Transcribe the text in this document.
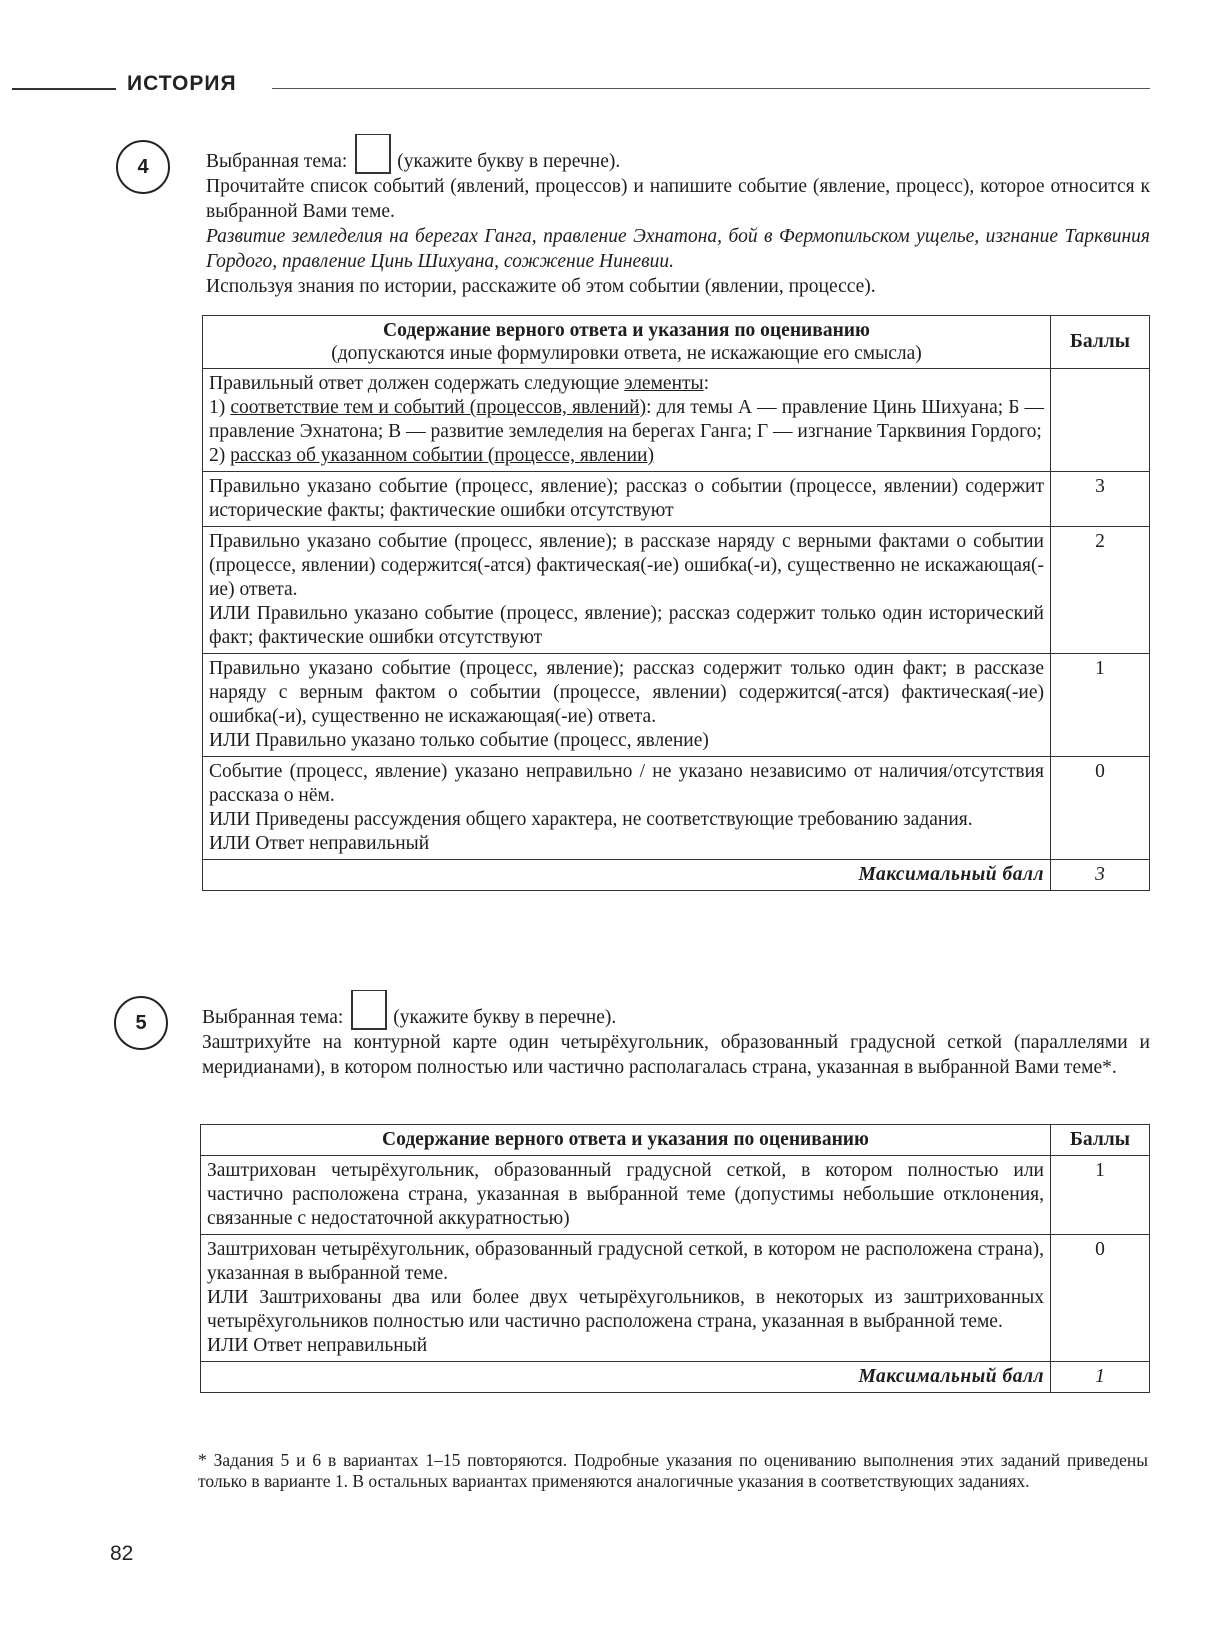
ИСТОРИЯ
4	Выбранная тема:	(укажите букву в перечне).

Прочитайте список событий (явлений, процессов) и напишите событие (явление, процесс), которое относится к выбранной Вами теме.

Развитие земледелия на берегах Ганга, правление Эхнатона, бой в Фермопильском ущелье, изгнание Тарквиния Гордого, правление Цинь Шихуана, сожжение Ниневии.

Используя знания по истории, расскажите об этом событии (явлении, процессе).

Содержание верного ответа и указания по оцениванию
(допускаются иные формулировки ответа, не искажающие его смысла)	Баллы
Правильный ответ должен содержать следующие элементы:
1) соответствие тем и событий (процессов, явлений): для темы А — правление Цинь Шихуана; Б — правление Эхнатона; В — развитие земледелия на берегах Ганга; Г — изгнание Тарквиния Гордого;
2) рассказ об указанном событии (процессе, явлении)	
Правильно указано событие (процесс, явление); рассказ о событии (процессе, явлении) содержит исторические факты; фактические ошибки отсутствуют	3

Правильно указано событие (процесс, явление); в рассказе наряду с верными фактами о событии (процессе, явлении) содержится(-атся) фактическая(-ие) ошибка(-и), существенно не искажающая(-ие) ответа.
ИЛИ Правильно указано событие (процесс, явление); рассказ содержит только один исторический факт; фактические ошибки отсутствуют	2

Правильно указано событие (процесс, явление); рассказ содержит только один факт; в рассказе наряду с верным фактом о событии (процессе, явлении) содержится(-атся) фактическая(-ие) ошибка(-и), существенно не искажающая(-ие) ответа.
ИЛИ Правильно указано только событие (процесс, явление)	1

Событие (процесс, явление) указано неправильно / не указано независимо от наличия/отсутствия рассказа о нём.
ИЛИ Приведены рассуждения общего характера, не соответствующие требованию задания.
ИЛИ Ответ неправильный	0
Максимальный балл	3
5	Выбранная тема:	(укажите букву в перечне).

Заштрихуйте на контурной карте один четырёхугольник, образованный градусной сеткой (параллелями и меридианами), в котором полностью или частично располагалась страна, указанная в выбранной Вами теме*.

Содержание верного ответа и указания по оцениванию	Баллы
Заштрихован четырёхугольник, образованный градусной сеткой, в котором полностью или частично расположена страна, указанная в выбранной теме (допустимы небольшие отклонения, связанные с недостаточной аккуратностью)	1

Заштрихован четырёхугольник, образованный градусной сеткой, в котором не расположена страна), указанная в выбранной теме.
ИЛИ Заштрихованы два или более двух четырёхугольников, в некоторых из заштрихованных четырёхугольников полностью или частично расположена страна, указанная в выбранной теме.
ИЛИ Ответ неправильный	0
Максимальный балл	1
* Задания 5 и 6 в вариантах 1–15 повторяются. Подробные указания по оцениванию выполнения этих заданий приведены только в варианте 1. В остальных вариантах применяются аналогичные указания в соответствующих заданиях.
82
